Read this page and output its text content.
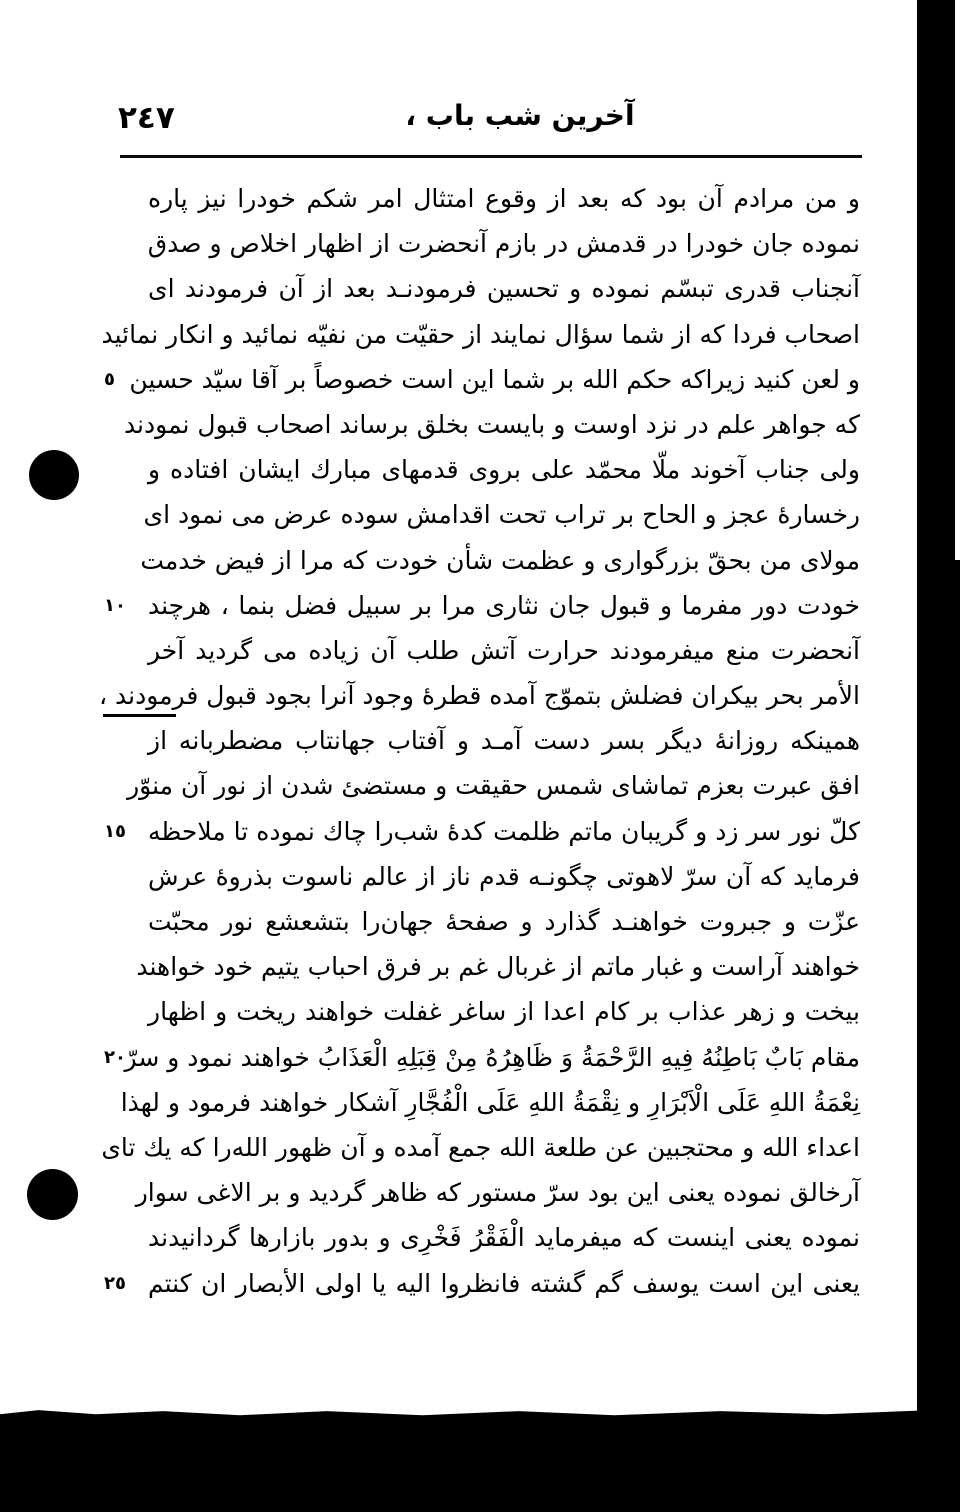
٢٤٧	آخرین شب باب ،
و من مرادم آن بود که بعد از وقوع امتثال امر شکم خودرا نیز پاره
نموده جان خودرا در قدمش در بازم آنحضرت از اظهار اخلاص و صدق
آنجناب قدری تبسّم نموده و تحسین فرمودنـد بعد از آن فرمودند ای
اصحاب فردا که از شما سؤال نمایند از حقیّت من نفیّه نمائید و انکار نمائید
٥ و لعن کنید زیراکه حکم الله بر شما این است خصوصاً بر آقا سیّد حسین
که جواهر علم در نزد اوست و بایست بخلق برساند اصحاب قبول نمودند
ولی جناب آخوند ملّا محمّد علی بروی قدمهای مبارك ایشان افتاده و
رخسارهٔ عجز و الحاح بر تراب تحت اقدامش سوده عرض می نمود ای
مولای من بحقّ بزرگواری و عظمت شأن خودت که مرا از فیض خدمت
١٠ خودت دور مفرما و قبول جان نثاری مرا بر سبیل فضل بنما ، هرچند
آنحضرت منع میفرمودند حرارت آتش طلب آن زیاده می گردید آخر
الأمر بحر بیکران فضلش بتموّج آمده قطرهٔ وجود آنرا بجود قبول فرمودند ،
همینکه روزانهٔ دیگر بسر دست آمـد و آفتاب جهانتاب مضطربانه از
افق عبرت بعزم تماشای شمس حقیقت و مستضئ شدن از نور آن منوّر
١٥ کلّ نور سر زد و گریبان ماتم ظلمت کدهٔ شب‌را چاك نموده تا ملاحظه
فرماید که آن سرّ لاهوتی چگونـه قدم ناز از عالم ناسوت بذروهٔ عرش
عزّت و جبروت خواهنـد گذارد و صفحهٔ جهان‌را بتشعشع نور محبّت
خواهند آراست و غبار ماتم از غربال غم بر فرق احباب یتیم خود خواهند
بیخت و زهر عذاب بر کام اعدا از ساغر غفلت خواهند ریخت و اظهار
٢٠
مقام بَابٌ بَاطِنُهُ فِیهِ الرَّحْمَةُ وَ ظَاهِرُهُ مِنْ قِبَلِهِ الْعَذَابُ خواهند نمود و سرّ
نِعْمَةُ اللهِ عَلَی الْاَبْرَارِ و نِقْمَةُ اللهِ عَلَی الْفُجَّارِ آشکار خواهند فرمود و لهذا
اعداء الله و محتجبین عن طلعة الله جمع آمده و آن ظهور الله‌را که یك تای
آرخالق نموده یعنی این بود سرّ مستور که ظاهر گردید و بر الاغی سوار
نموده یعنی اینست که میفرماید الْفَقْرُ فَخْرِی و بدور بازارها گردانیدند
٢٥ یعنی این است یوسف گم گشته فانظروا الیه یا اولی الأبصار ان کنتم
